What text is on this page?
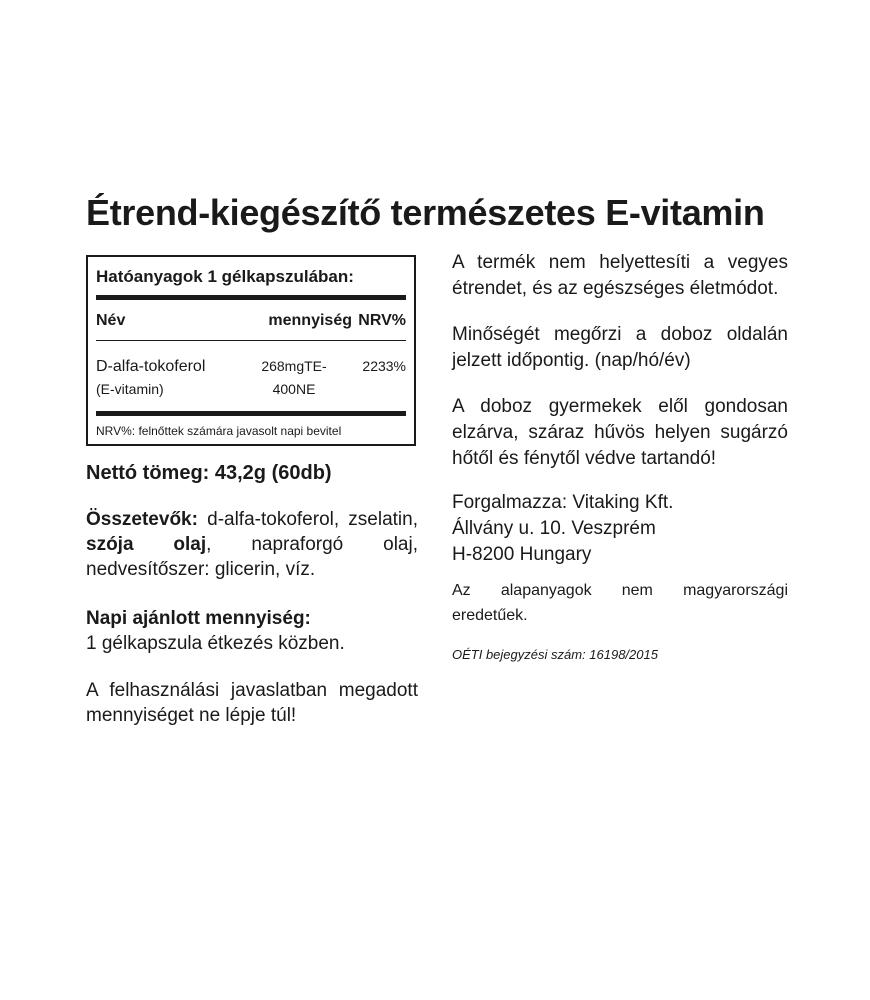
Étrend-kiegészítő természetes E-vitamin
Hatóanyagok 1 gélkapszulában:
Név	mennyiség NRV%
D-alfa-tokoferol
(E-vitamin)
268mgTE-
400NE
2233%
NRV%: felnőttek számára javasolt napi bevitel
Nettó tömeg: 43,2g (60db)
Összetevők: d-alfa-tokoferol, zselatin, szója olaj, napraforgó olaj, nedvesítőszer: glicerin, víz.
Napi ajánlott mennyiség:
1 gélkapszula étkezés közben.
A felhasználási javaslatban megadott mennyiséget ne lépje túl!
A termék nem helyettesíti a vegyes étrendet, és az egészséges életmódot.
Minőségét megőrzi a doboz oldalán jelzett időpontig. (nap/hó/év)
A doboz gyermekek elől gondosan elzárva, száraz hűvös helyen sugárzó hőtől és fénytől védve tartandó!
Forgalmazza: Vitaking Kft.
Állvány u. 10. Veszprém
H-8200 Hungary
Az alapanyagok nem magyarországi eredetűek.
OÉTI bejegyzési szám: 16198/2015
